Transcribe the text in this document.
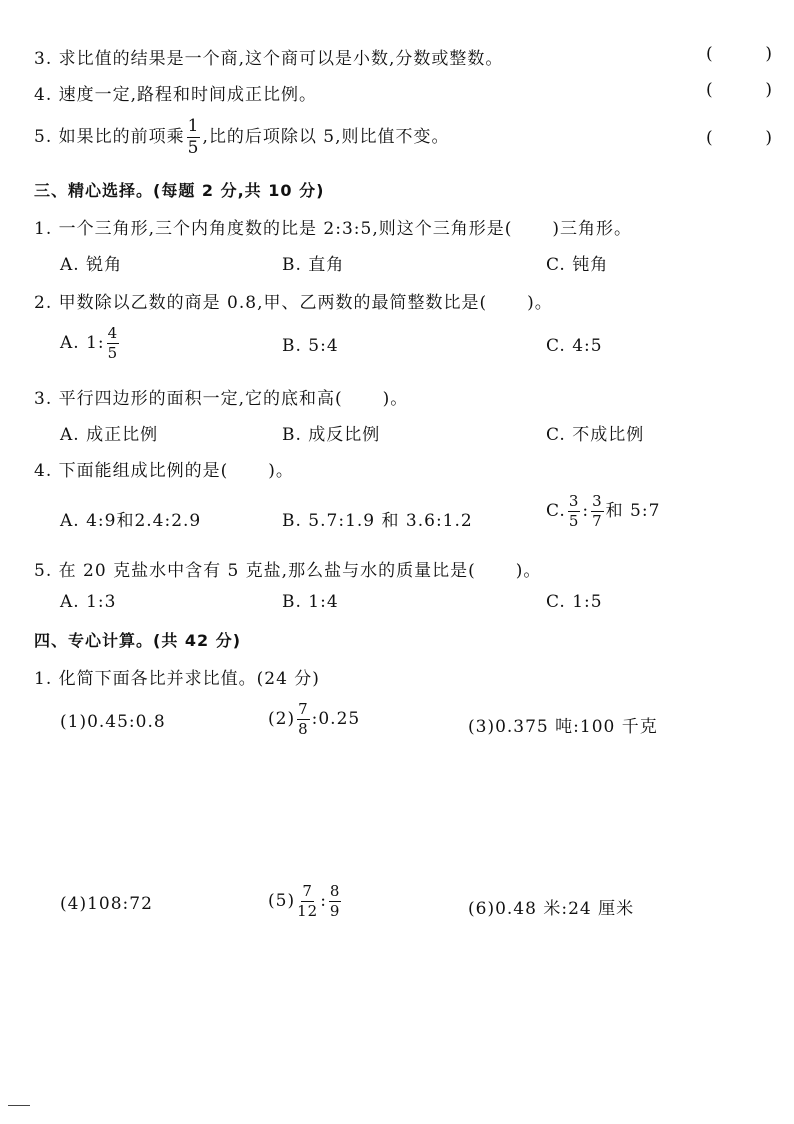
3. 求比值的结果是一个商,这个商可以是小数,分数或整数。	(	)
4. 速度一定,路程和时间成正比例。	(	)
5. 如果比的前项乘 $\frac{1}{5}$ ,比的后项除以 5,则比值不变。	(	)
三、精心选择。(每题 2 分,共 10 分)
1. 一个三角形,三个内角度数的比是 2:3:5,则这个三角形是( )三角形。
A. 锐角	B. 直角	C. 钝角
2. 甲数除以乙数的商是 0.8,甲、乙两数的最简整数比是( )。
A. 1: $\frac{4}{5}$	B. 5:4	C. 4:5
3. 平行四边形的面积一定,它的底和高( )。
A. 成正比例	B. 成反比例	C. 不成比例
4. 下面能组成比例的是( )。
A. 4:9和2.4:2.9	B. 5.7:1.9 和 3.6:1.2	C. $\frac{3}{5}$ : $\frac{3}{7}$ 和 5:7
5. 在 20 克盐水中含有 5 克盐,那么盐与水的质量比是( )。
A. 1:3	B. 1:4	C. 1:5
四、专心计算。(共 42 分)
1. 化简下面各比并求比值。(24 分)
(1)0.45:0.8	$(2) \frac{7}{8}$ :0.25	(3)0.375 吨:100 千克
(4)108:72	$(5) \frac{7}{12}$ : $\frac{8}{9}$	(6)0.48 米:24 厘米
